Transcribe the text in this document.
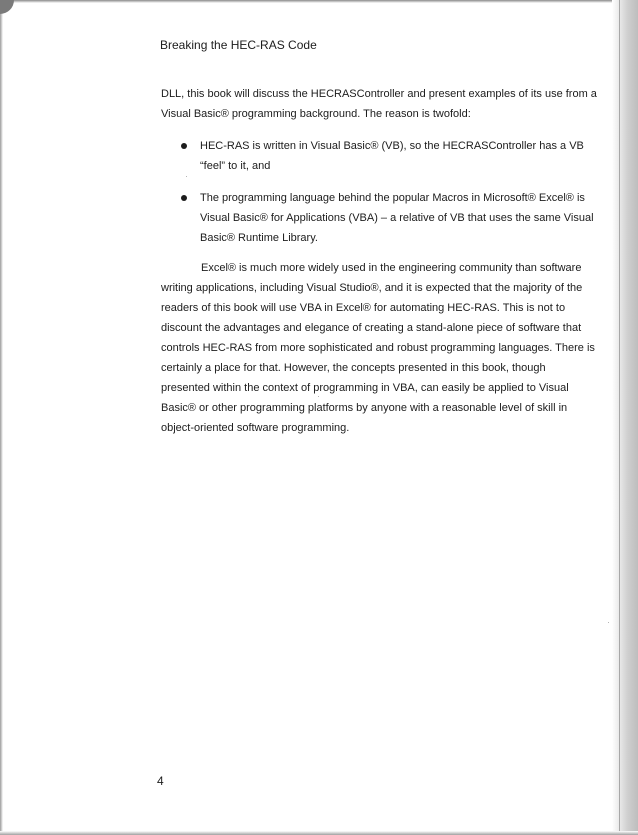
Breaking the HEC-RAS Code

DLL, this book will discuss the HECRASController and present examples of its use from a
Visual Basic® programming background. The reason is twofold:

HEC-RAS is written in Visual Basic® (VB), so the HECRASController has a VB
“feel” to it, and
The programming language behind the popular Macros in Microsoft® Excel® is
Visual Basic® for Applications (VBA) – a relative of VB that uses the same Visual
Basic® Runtime Library.

Excel® is much more widely used in the engineering community than software
writing applications, including Visual Studio®, and it is expected that the majority of the
readers of this book will use VBA in Excel® for automating HEC-RAS. This is not to
discount the advantages and elegance of creating a stand-alone piece of software that
controls HEC-RAS from more sophisticated and robust programming languages. There is
certainly a place for that. However, the concepts presented in this book, though
presented within the context of programming in VBA, can easily be applied to Visual
Basic® or other programming platforms by anyone with a reasonable level of skill in
object-oriented software programming.

4
